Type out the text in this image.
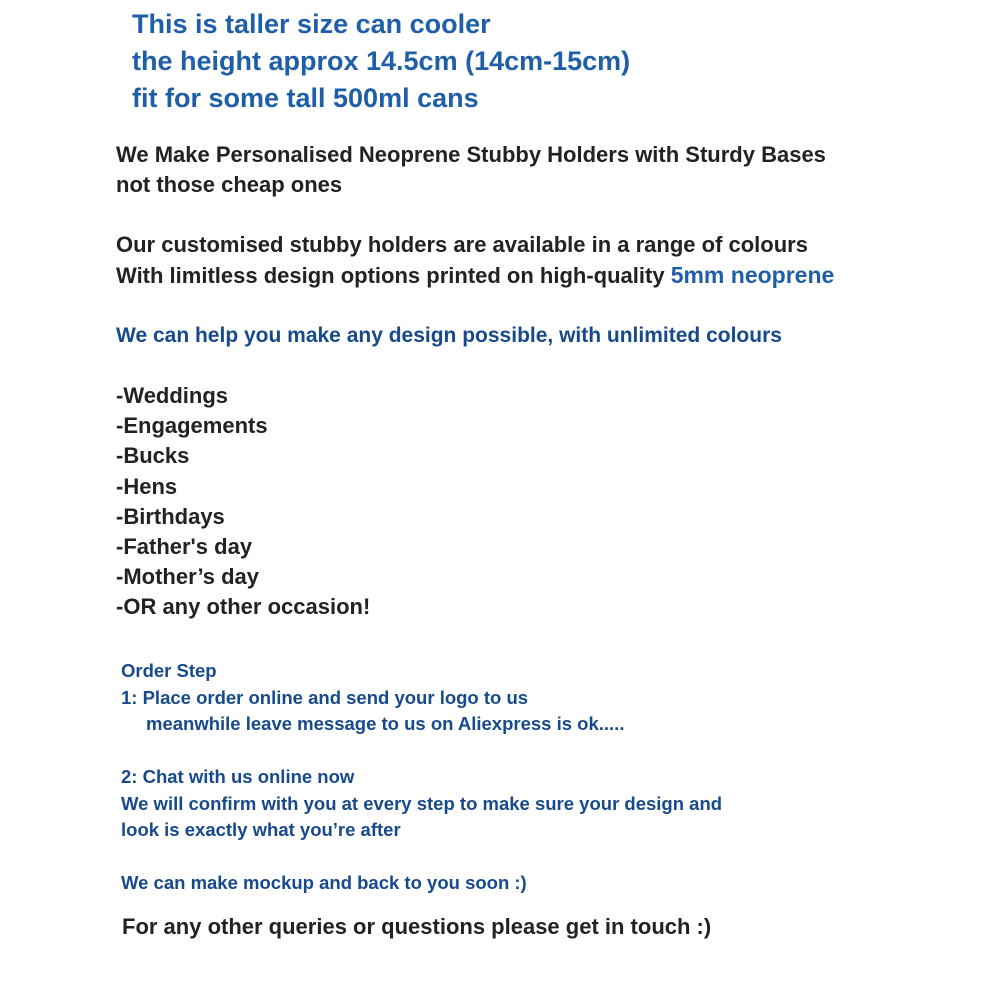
This is taller size can cooler
the height approx 14.5cm (14cm-15cm)
fit for some tall 500ml cans
We Make Personalised Neoprene Stubby Holders with Sturdy Bases
not those cheap ones
Our customised stubby holders are available in a range of colours
With limitless design options printed on high-quality 5mm neoprene
We can help you make any design possible, with unlimited colours
-Weddings
-Engagements
-Bucks
-Hens
-Birthdays
-Father's day
-Mother’s day
-OR any other occasion!
Order Step
1: Place order online and send your logo to us
meanwhile leave message to us on Aliexpress is ok.....
2: Chat with us online now
We will confirm with you at every step to make sure your design and
look is exactly what you’re after
We can make mockup and back to you soon :)
For any other queries or questions please get in touch :)
